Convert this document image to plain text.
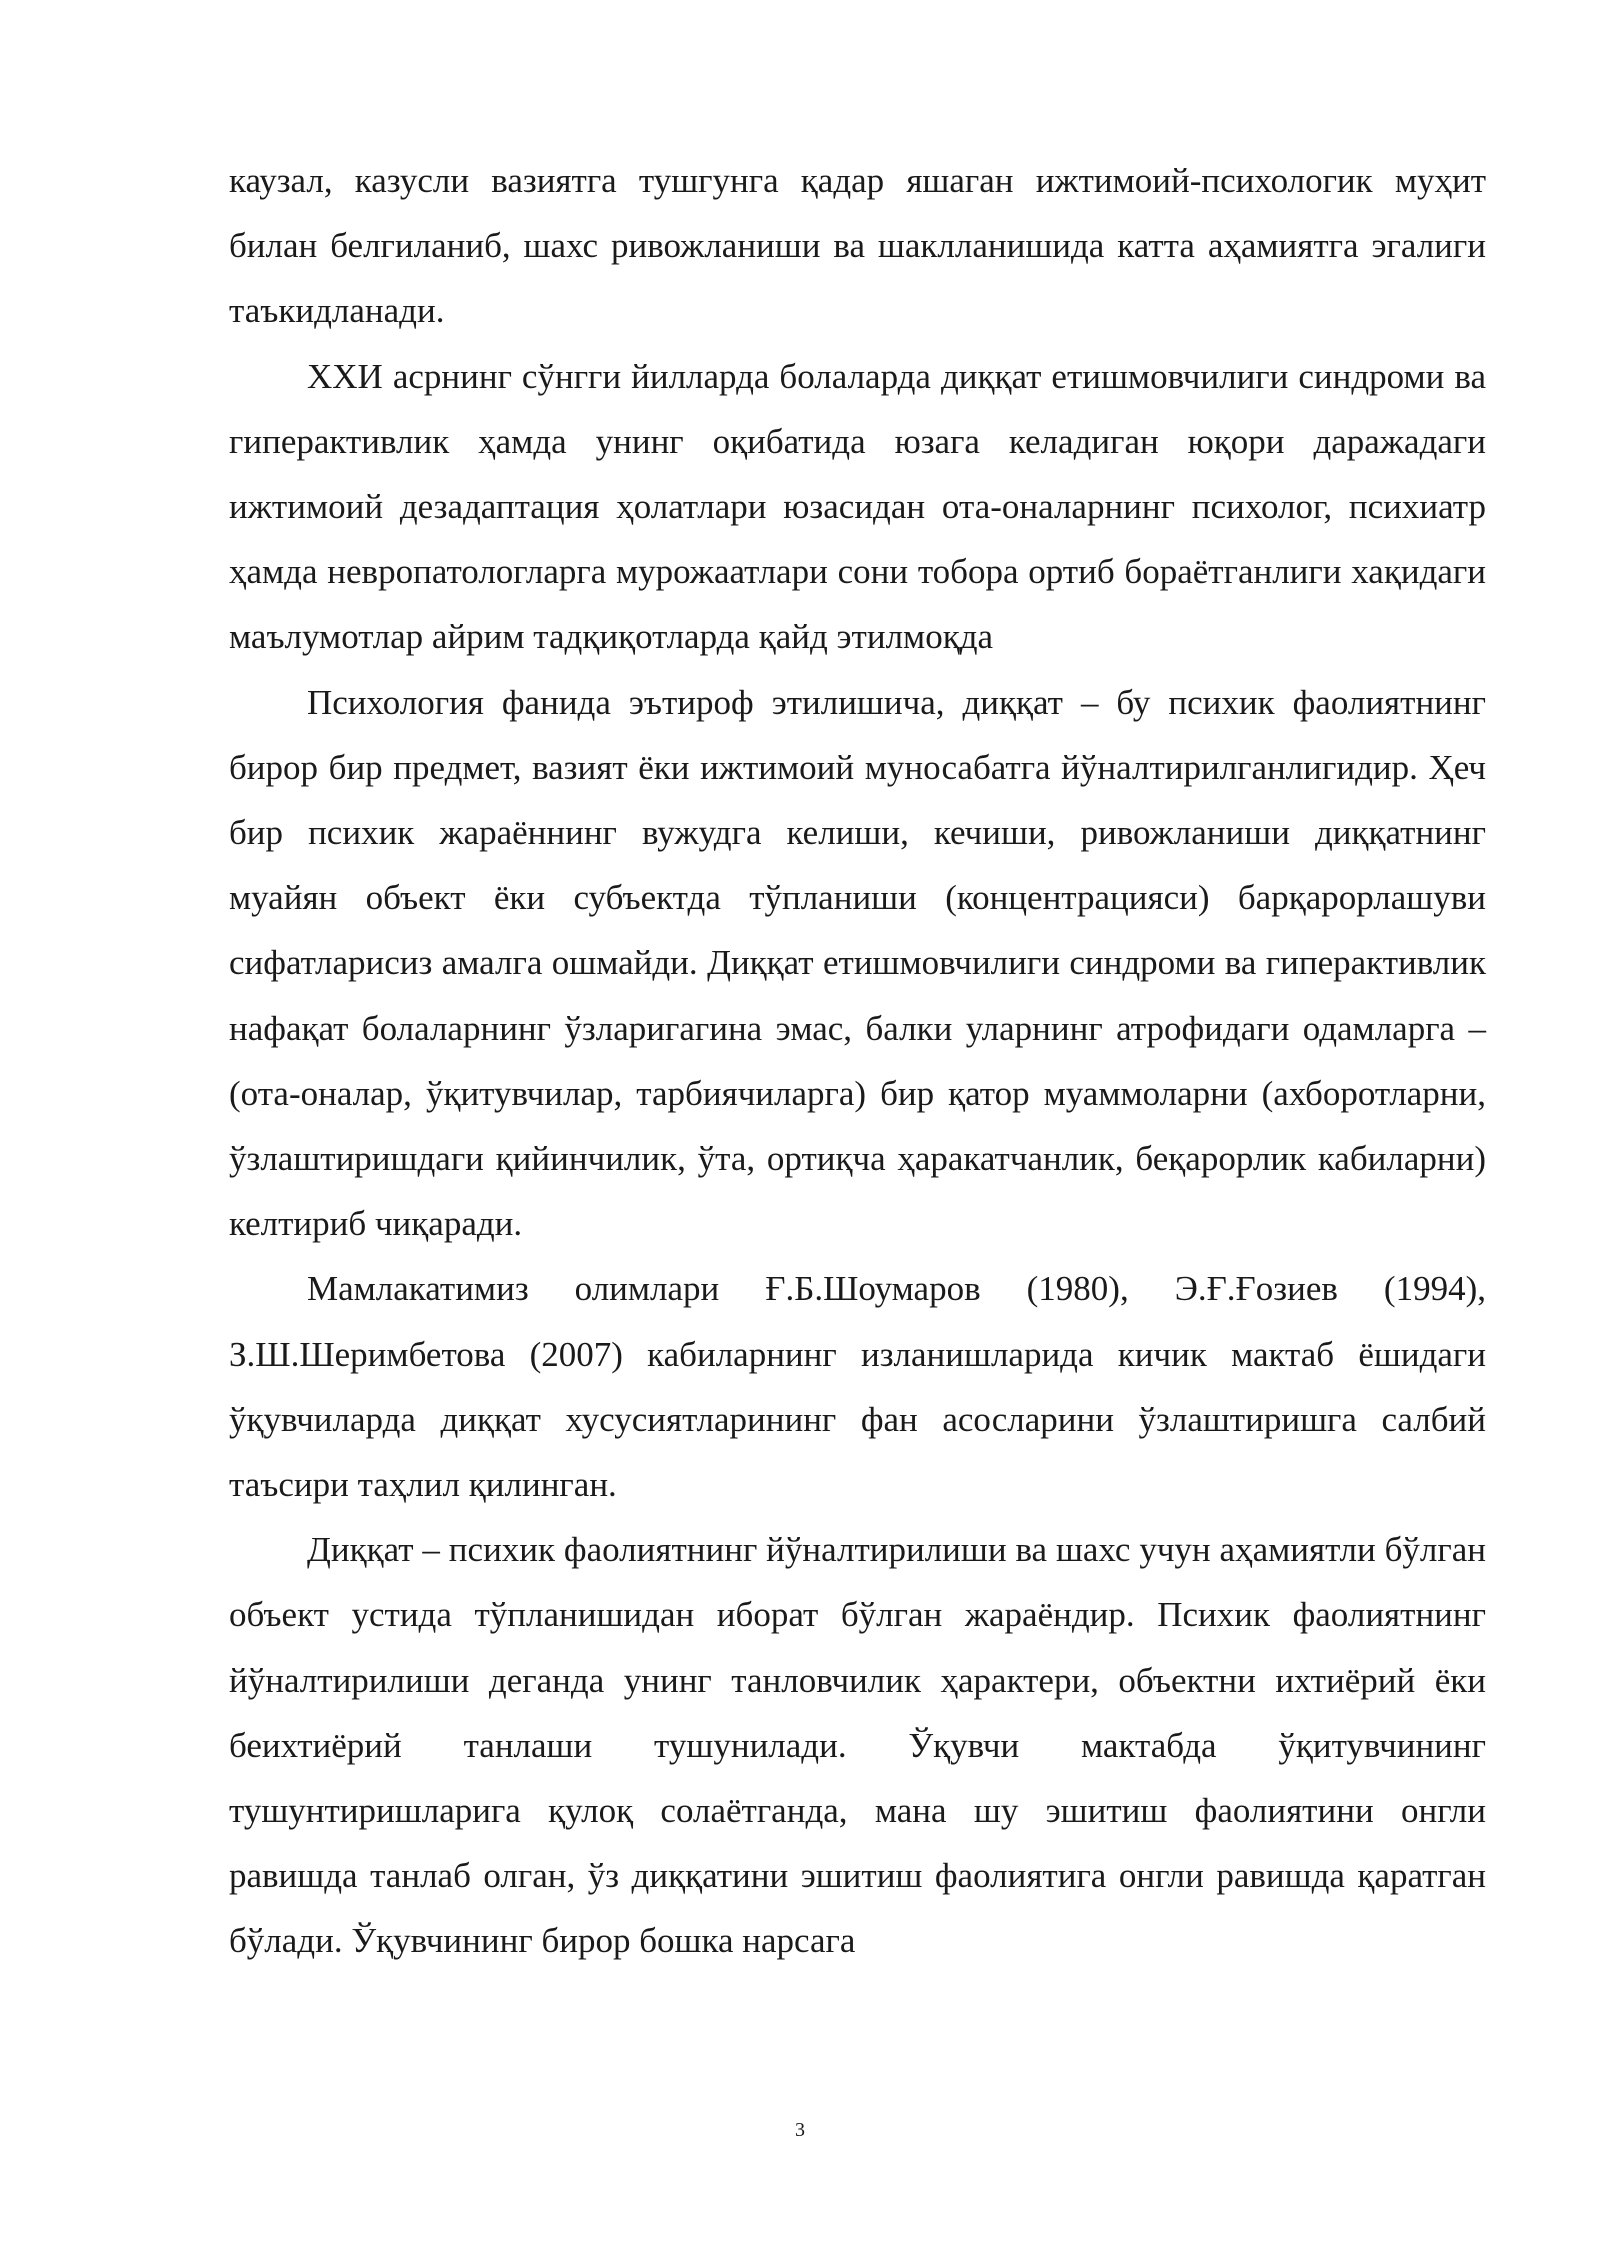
каузал, казусли вазиятга тушгунга қадар яшаган ижтимоий-психологик муҳит билан белгиланиб, шахс ривожланиши ва шаклланишида катта аҳамиятга эгалиги таъкидланади.

XXИ асрнинг сўнгги йилларда болаларда диққат етишмовчилиги синдроми ва гиперактивлик ҳамда унинг оқибатида юзага келадиган юқори даражадаги ижтимоий дезадаптация ҳолатлари юзасидан ота-оналарнинг психолог, психиатр ҳамда невропатологларга мурожаатлари сони тобора ортиб бораётганлиги хақидаги маълумотлар айрим тадқиқотларда қайд этилмоқда

Психология фанида эътироф этилишича, диққат – бу психик фаолиятнинг бирор бир предмет, вазият ёки ижтимоий муносабатга йўналтирилганлигидир. Ҳеч бир психик жараённинг вужудга келиши, кечиши, ривожланиши диққатнинг муайян объект ёки субъектда тўпланиши (концентрацияси) барқарорлашуви сифатларисиз амалга ошмайди. Диққат етишмовчилиги синдроми ва гиперактивлик нафақат болаларнинг ўзларигагина эмас, балки уларнинг атрофидаги одамларга – (ота-оналар, ўқитувчилар, тарбиячиларга) бир қатор муаммоларни (ахборотларни, ўзлаштиришдаги қийинчилик, ўта, ортиқча ҳаракатчанлик, беқарорлик кабиларни) келтириб чиқаради.

Мамлакатимиз олимлари Ғ.Б.Шоумаров (1980), Э.Ғ.Ғозиев (1994), З.Ш.Шеримбетова (2007) кабиларнинг изланишларида кичик мактаб ёшидаги ўқувчиларда диққат хусусиятларининг фан асосларини ўзлаштиришга салбий таъсири таҳлил қилинган.

Диққат – психик фаолиятнинг йўналтирилиши ва шахс учун аҳамиятли бўлган объект устида тўпланишидан иборат бўлган жараёндир. Психик фаолиятнинг йўналтирилиши деганда унинг танловчилик ҳарактери, объектни ихтиёрий ёки беихтиёрий танлаши тушунилади. Ўқувчи мактабда ўқитувчининг тушунтиришларига қулоқ солаётганда, мана шу эшитиш фаолиятини онгли равишда танлаб олган, ўз диққатини эшитиш фаолиятига онгли равишда қаратган бўлади. Ўқувчининг бирор бошка нарсага

3
